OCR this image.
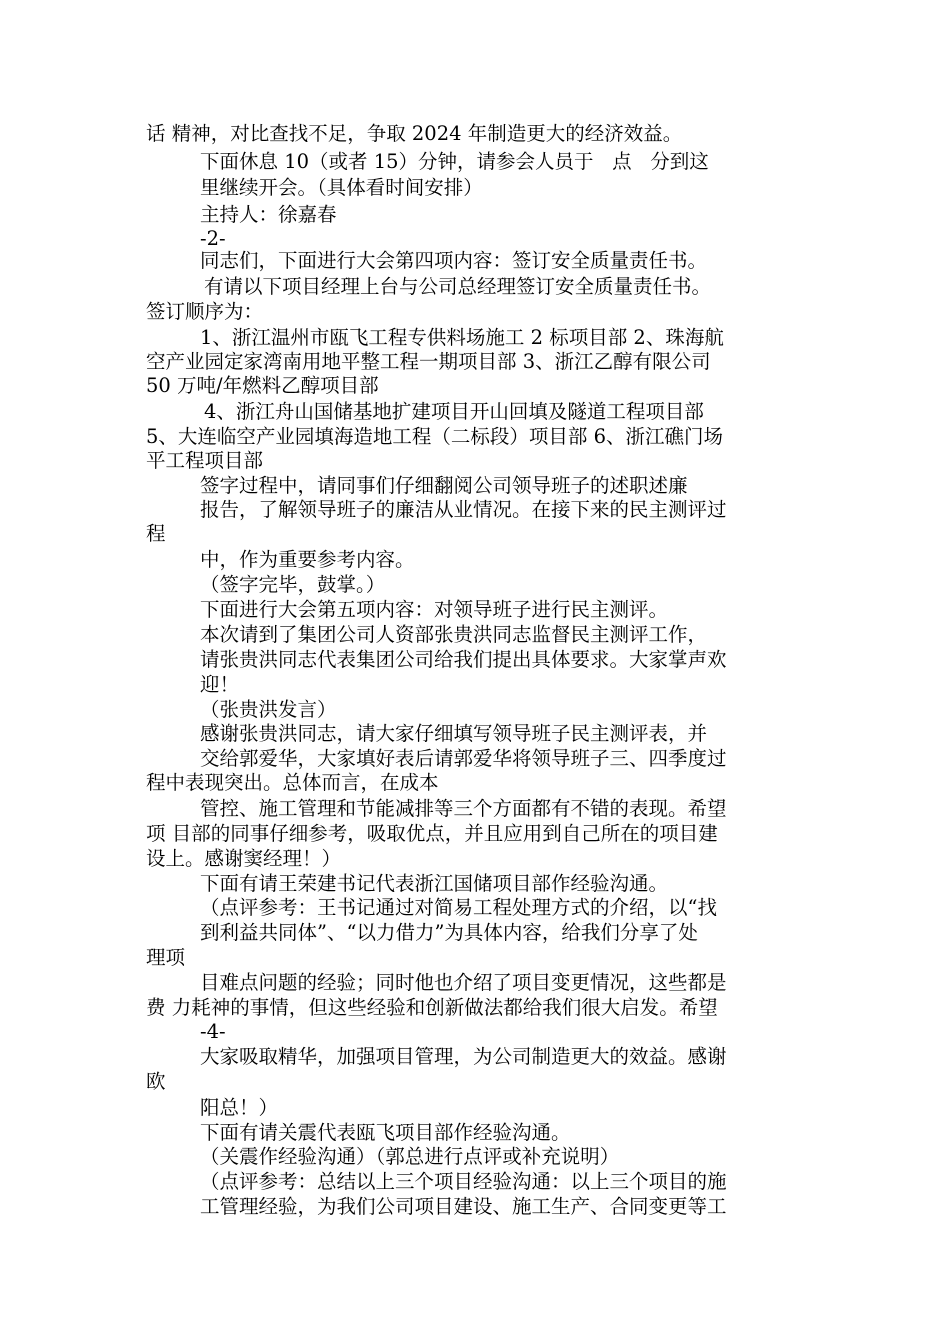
话 精神，对比查找不足，争取 2024 年制造更大的经济效益。
下面休息 10（或者 15）分钟，请参会人员于   点   分到这
里继续开会。（具体看时间安排）
主持人：徐嘉春
-2-
同志们，下面进行大会第四项内容：签订安全质量责任书。
有请以下项目经理上台与公司总经理签订安全质量责任书。
签订顺序为：
1、浙江温州市瓯飞工程专供料场施工 2 标项目部 2、珠海航
空产业园定家湾南用地平整工程一期项目部 3、浙江乙醇有限公司
50 万吨/年燃料乙醇项目部
4、浙江舟山国储基地扩建项目开山回填及隧道工程项目部
5、大连临空产业园填海造地工程（二标段）项目部 6、浙江礁门场
平工程项目部
签字过程中，请同事们仔细翻阅公司领导班子的述职述廉
报告，了解领导班子的廉洁从业情况。在接下来的民主测评过
程
中，作为重要参考内容。
（签字完毕，鼓掌。）
下面进行大会第五项内容：对领导班子进行民主测评。
本次请到了集团公司人资部张贵洪同志监督民主测评工作，
请张贵洪同志代表集团公司给我们提出具体要求。大家掌声欢
迎！
（张贵洪发言）
感谢张贵洪同志，请大家仔细填写领导班子民主测评表，并
交给郭爱华，大家填好表后请郭爱华将领导班子三、四季度过
程中表现突出。总体而言，在成本
管控、施工管理和节能减排等三个方面都有不错的表现。希望
项 目部的同事仔细参考，吸取优点，并且应用到自己所在的项目建
设上。感谢窦经理！）
下面有请王荣建书记代表浙江国储项目部作经验沟通。
（点评参考：王书记通过对简易工程处理方式的介绍，以“找
到利益共同体”、“以力借力”为具体内容，给我们分享了处
理项
目难点问题的经验；同时他也介绍了项目变更情况，这些都是
费 力耗神的事情，但这些经验和创新做法都给我们很大启发。希望
-4-
大家吸取精华，加强项目管理，为公司制造更大的效益。感谢
欧
阳总！）
下面有请关震代表瓯飞项目部作经验沟通。
（关震作经验沟通）（郭总进行点评或补充说明）
（点评参考：总结以上三个项目经验沟通：以上三个项目的施
工管理经验，为我们公司项目建设、施工生产、合同变更等工
